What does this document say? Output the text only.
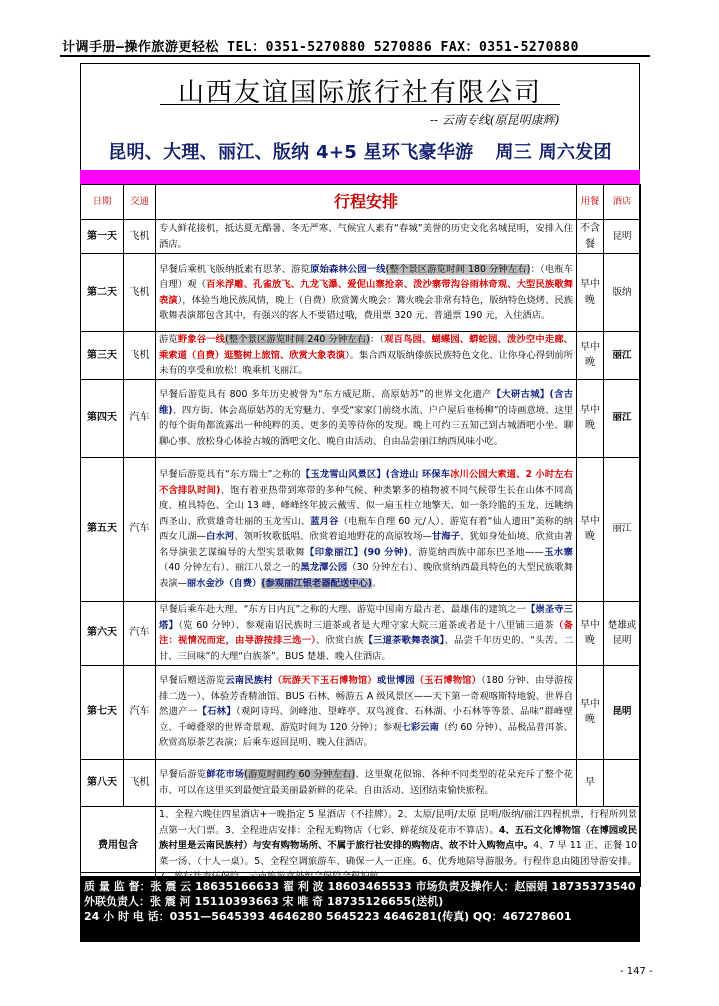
计调手册—操作旅游更轻松 TEL：0351-5270880 5270886 FAX：0351-5270880
山西友谊国际旅行社有限公司
-- 云南专线(原昆明康辉)
昆明、大理、丽江、版纳 4+5 星环飞豪华游 周三 周六发团
日期	交通	行程安排	用餐	酒店
第一天	飞机	专人鲜花接机，抵达夏无酷暑、冬无严寒、气候宜人素有“春城”美誉的历史文化名城昆明，安排入住酒店。	不含餐	昆明
第二天	飞机	早餐后乘机飞版纳抵素有思茅、游览原始森林公园一线(整个景区游览时间 180 分钟左右)：（电瓶车自理）观（百米浮雕、孔雀放飞、九龙飞瀑、爱伲山寨抢亲、泼沙寨带沟谷雨林奇观、大型民族歌舞表演），体验当地民族风情，晚上（自费）欣赏篝火晚会：篝火晚会非常有特色，版纳特色烧烤、民族歌舞表演都包含其中，有强兴的客人不要错过哦，费用票 320 元、普通票 190 元，入住酒店。	早中晚	版纳
第三天	飞机	游览野象谷一线(整个景区游览时间 240 分钟左右)：（观百鸟园、蝴蝶园、蟒蛇园、泼沙空中走廊、乘索道（自费）逛整树上旅馆、欣赏大象表演）。集合西双版纳傣族民族特色文化、让你身心得到前所未有的享受和放松！晚乘机飞丽江。	早中晚	丽江
第四天	汽车	早餐后游览具有 800 多年历史被誉为“东方威尼斯、高原姑苏”的世界文化遗产【大研古城】(含古维)、四方街、体会高原姑苏的无穷魅力、享受“家家门前绕水流、户户屋后垂杨柳”的诗画意境、这里的每个街角都流露出一种纯粹的美、更多的美等待你的发现。晚上可约三五知己到古城酒吧小坐、聊聊心事、放松身心体验古城的酒吧文化、晚自由活动、自由品尝丽江纳西风味小吃。	早中晚	丽江
第五天	汽车	早餐后游览具有“东方瑞士”之称的【玉龙雪山风景区】(含进山 环保车冰川公园大索道、2 小时左右不含排队时间)、饱有着亚热带到寒带的多种气候、种类繁多的植物被不同气候带生长在山体不同高度、植具特色、全山 13 峰、峰峰终年披云戴雪、似一扇玉柱立地擎天、如一条玲脆的玉龙、远眺纳西圣山、欣赏雄奇壮丽的玉龙雪山、蓝月谷（电瓶车自理 60 元/人）、游览有着“仙人遗田”美称的纳西女儿湖—白水河、领听牧歌低唱、欣赏着追地野花的高原牧场—甘海子、犹如身处仙境、欣赏由著名导演张艺谋编导的大型实景歌舞【印象丽江】(90 分钟)、游览纳西族中部东巴圣地——玉水寨（40 分钟左右）、丽江八景之一的黑龙潭公园（30 分钟左右）、晚欣赏纳西最具特色的大型民族歌舞表演—丽水金沙（自费）(参观丽江银老器配送中心)。	早中晚	丽江
第六天	汽车	早餐后乘车赴大理、“东方日内瓦”之称的大理、游览中国南方最古老、最雄伟的建筑之一【崇圣寺三塔】（览 60 分钟）、参观南诏民族时三道茶或者是大理守家大院三道茶或者是十八里铺三道茶（备注：视情况而定，由导游按排三选一）、欣赏白族【三道茶歌舞表演】、品尝千年历史的、“头苦、二甘、三回味”的大理“白族茶”。BUS 楚雄、晚入住酒店。	早中晚	楚雄或昆明
第七天	汽车	早餐后赠送游览云南民族村（玩游天下玉石博物馆）或世博园（玉石博物馆）（180 分钟、由导游按排二选一）、体验芳香精油馆、BUS 石林、畅游五 A 级风景区——天下第一奇观喀斯特地貌、世界自然遗产一【石林】（观阿诗玛、剑峰池、望峰亭、双鸟渡食、石林湖、小石林等等景、品味“群峰壁立、千嶂叠翠的世界奇景观、游览时间为 120 分钟）；参观七彩云南（约 60 分钟）、品极品普洱茶、欣赏高原茶艺表演；后乘车返回昆明、晚入住酒店。	早中晚	昆明
第八天	飞机	早餐后游览鲜花市场(游览时间约 60 分钟左右)、这里聚花似锦、各种不同类型的花朵充斥了整个花市、可以在这里买到最便宜最美丽最新鲜的花朵。自由活动、送团结束愉快旅程。	早	
费用包含		1、全程六晚住四星酒店+一晚指定 5 星酒店（不挂牌）。2、太原/昆明/太原 昆明/版纳/丽江四程机票，行程所列景点第一大门票。3、全程进店安排：全程无购物店（七彩、鲜花缤及花市不算店）。4、五石文化博物馆（在博园或民族村里是云南民族村）与安有购物场所、不属于旅行社安排的购物店、故不计入购物点中。4、7 早 11 正、正餐 10 菜一汤、（十人一桌）。5、全程空调旅游车、确保一人一正座。6、优秀地陪导游服务。行程作息由随团导游安排。		
质 量 监 督：张 震 云 18635166633 翟 利 波 18603465533 市场负责及操作人：赵丽娟 18735373540
外联负责人：张 震 河 15110393663 宋 唯 奇 18735126655(送机)
24 小 时 电 话：0351—5645393 4646280 5645223 4646281(传真) QQ：467278601
- 147 -
